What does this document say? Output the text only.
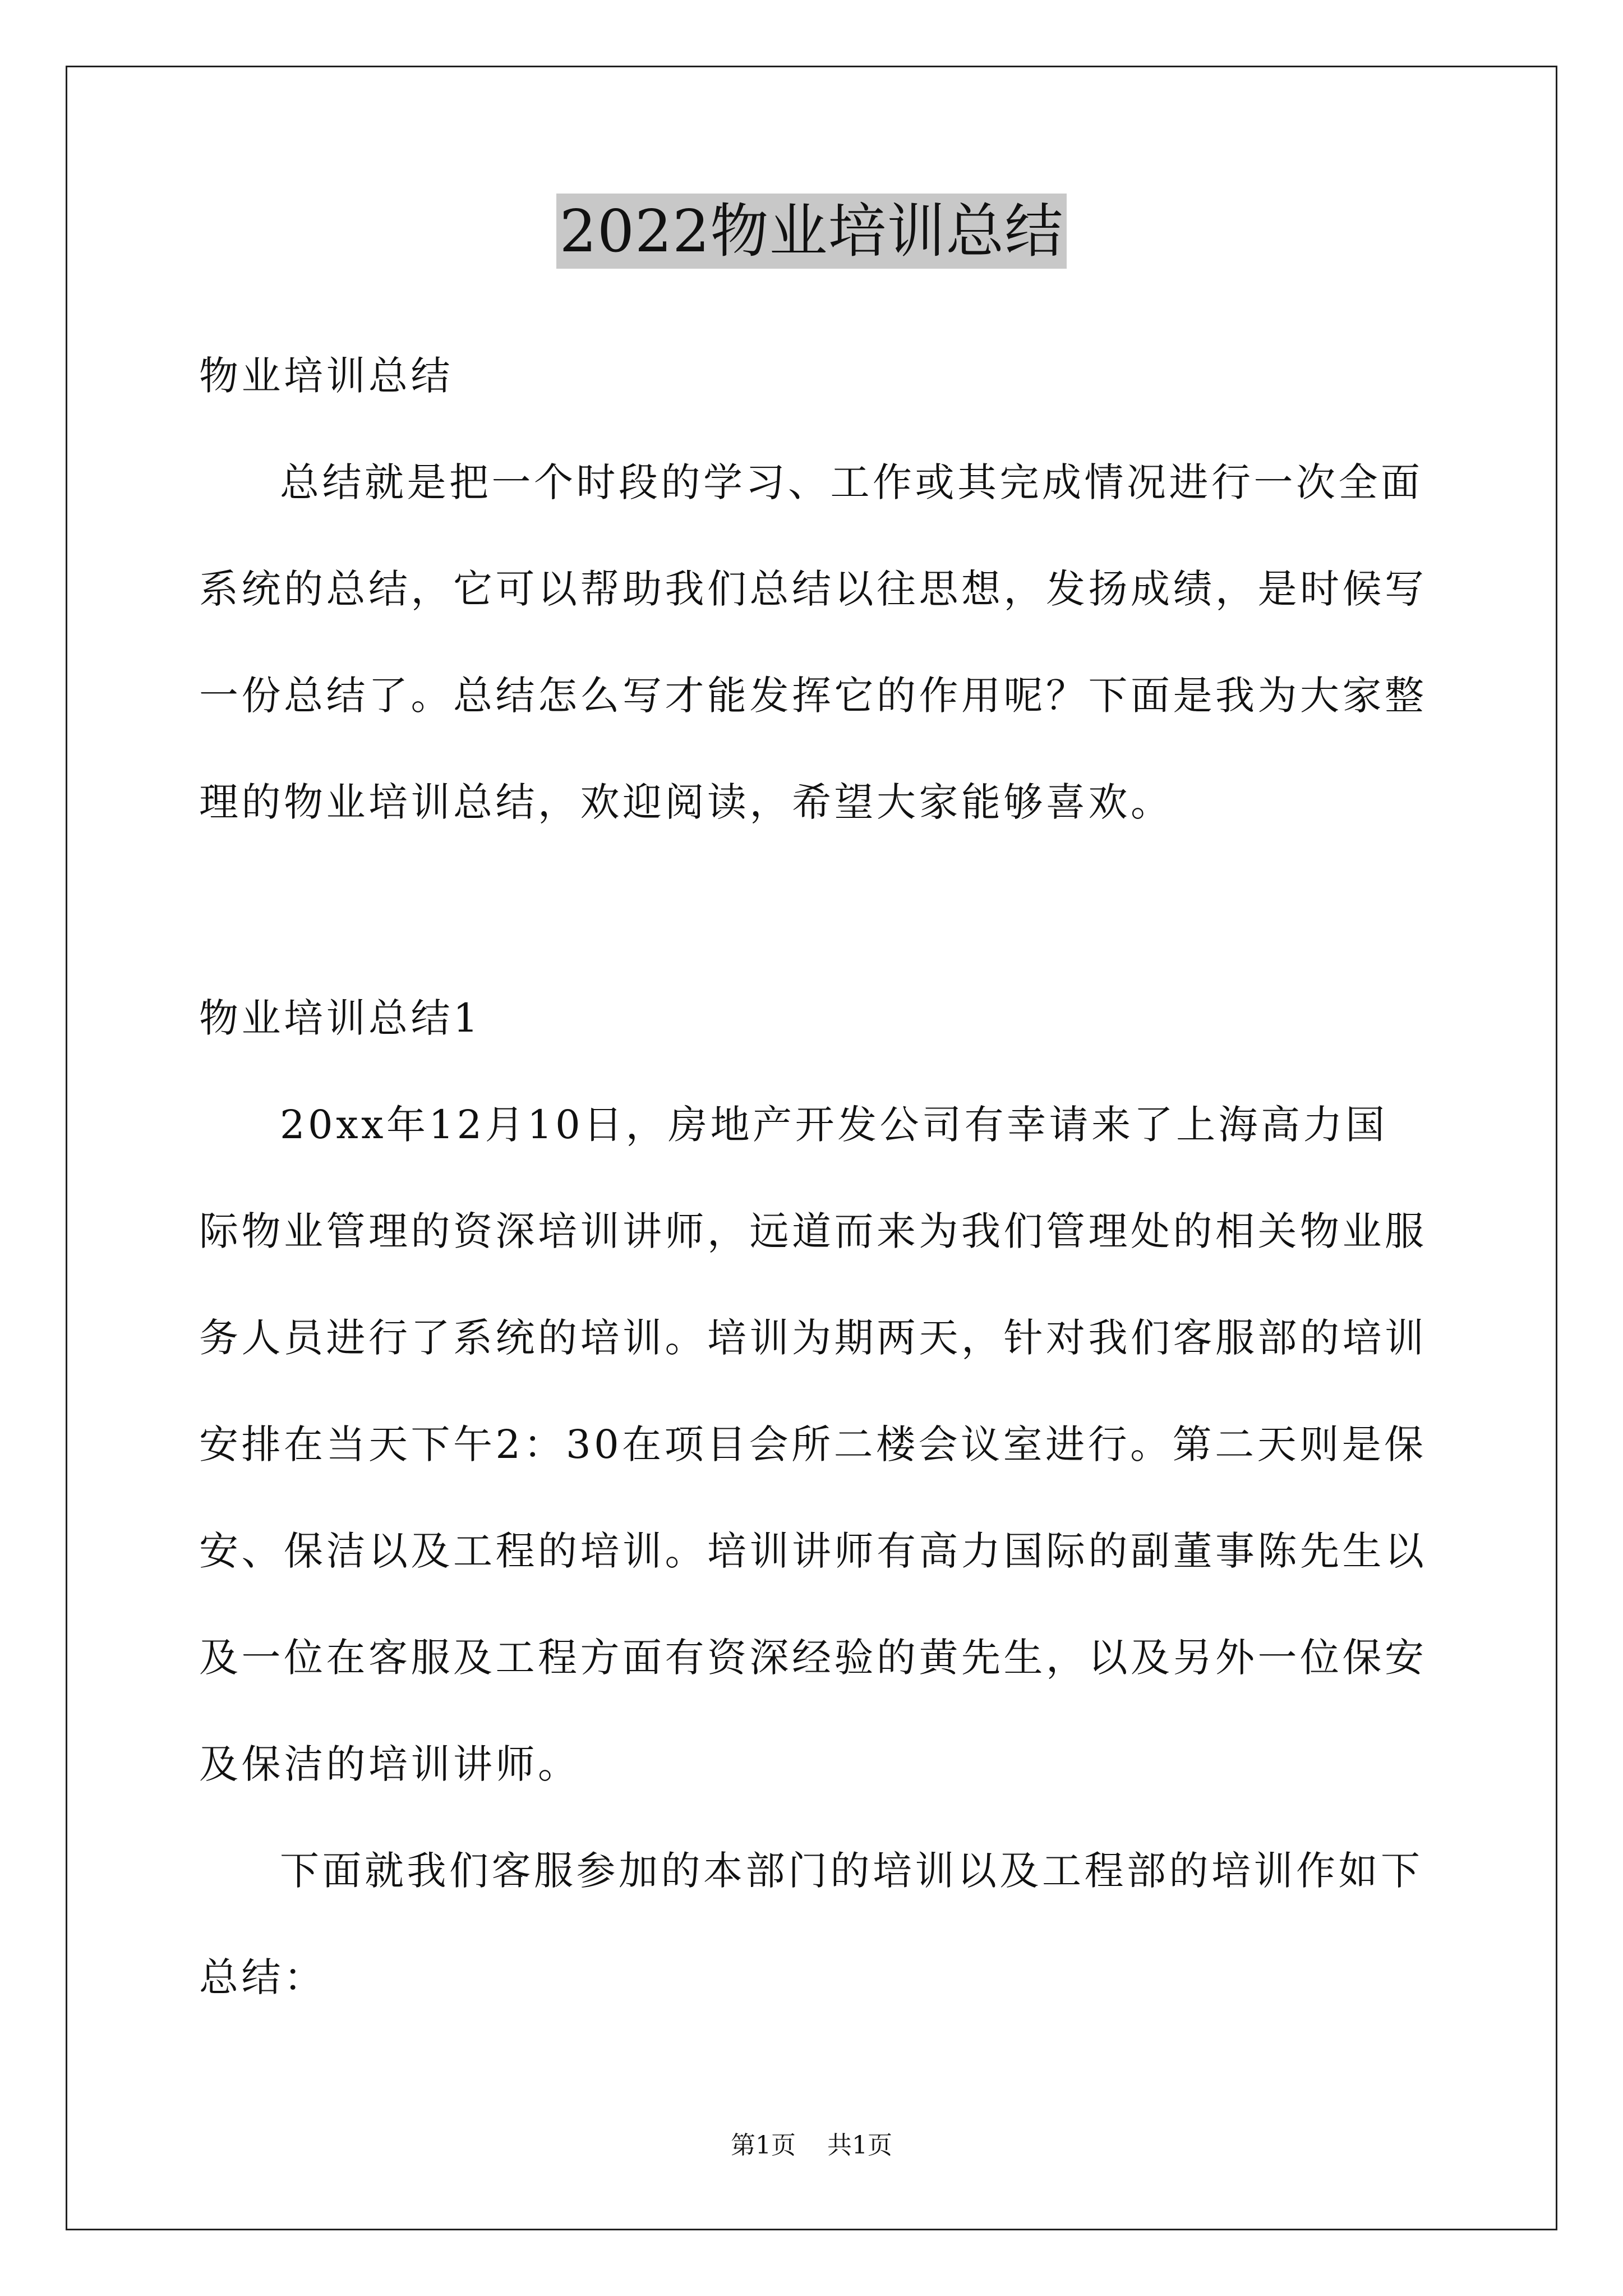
2022物业培训总结

物业培训总结

总结就是把一个时段的学习、工作或其完成情况进行一次全面系统的总结，它可以帮助我们总结以往思想，发扬成绩，是时候写一份总结了。总结怎么写才能发挥它的作用呢？下面是我为大家整理的物业培训总结，欢迎阅读，希望大家能够喜欢。

物业培训总结1

20xx年12月10日，房地产开发公司有幸请来了上海高力国际物业管理的资深培训讲师，远道而来为我们管理处的相关物业服务人员进行了系统的培训。培训为期两天，针对我们客服部的培训安排在当天下午2：30在项目会所二楼会议室进行。第二天则是保安、保洁以及工程的培训。培训讲师有高力国际的副董事陈先生以及一位在客服及工程方面有资深经验的黄先生，以及另外一位保安及保洁的培训讲师。

下面就我们客服参加的本部门的培训以及工程部的培训作如下总结：

第1页 共1页
